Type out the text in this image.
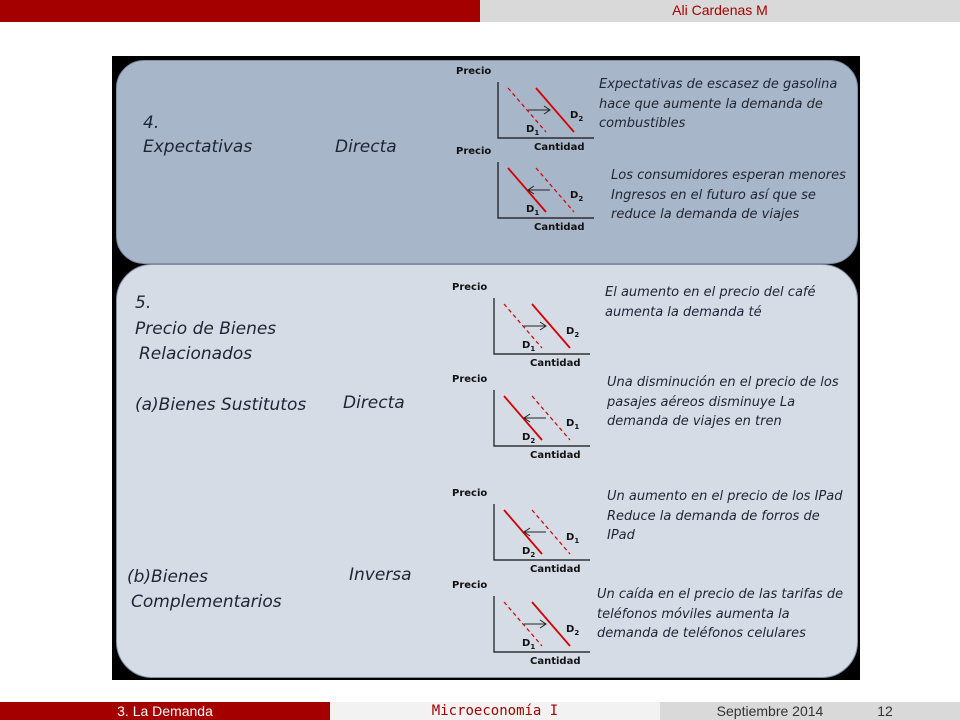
Ali Cardenas M
4.
Expectativas	Directa
Expectativas de escasez de gasolina hace que aumente la demanda de combustibles
Los consumidores esperan menores Ingresos en el futuro así que se reduce la demanda de viajes
5.
Precio de Bienes
Relacionados
(a)Bienes Sustitutos Directa
(b)Bienes
Complementarios
Inversa
El aumento en el precio del café aumenta la demanda té
Una disminución en el precio de los pasajes aéreos disminuye La demanda de viajes en tren
Un aumento en el precio de los IPad Reduce la demanda de forros de IPad
Un caída en el precio de las tarifas de teléfonos móviles aumenta la demanda de teléfonos celulares
Precio
Cantidad
$D_1$
$D_2$
Precio
Cantidad
$D_1$
$D_2$
Precio
Cantidad
$D_1$
$D_2$
Precio
Cantidad
$D_2$
$D_1$
Precio
Cantidad
$D_2$
$D_1$
Precio
Cantidad
$D_1$
$D_2$
3. La Demanda	Microeconomía I	Septiembre 2014	12
